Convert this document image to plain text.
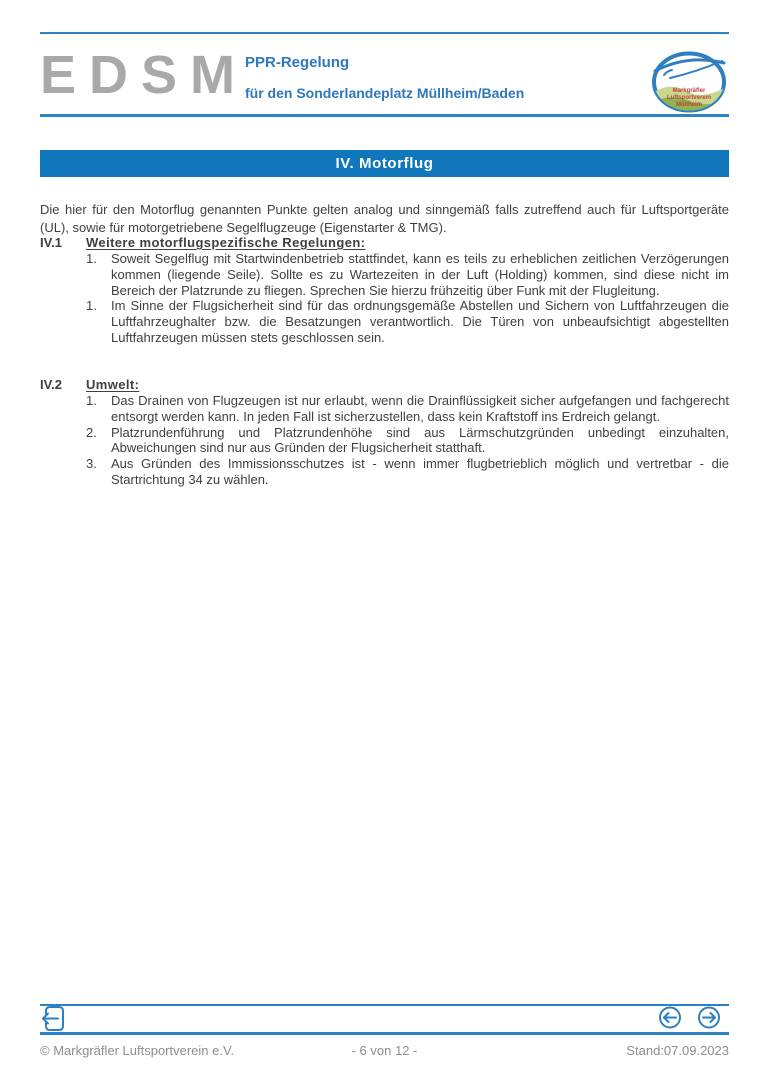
EDSM
PPR-Regelung
für den Sonderlandeplatz Müllheim/Baden	Markgräfler
Luftsportverein
Müllheim
IV. Motorflug

Die hier für den Motorflug genannten Punkte gelten analog und sinngemäß falls zutreffend auch für Luftsportgeräte (UL), sowie für motorgetriebene Segelflugzeuge (Eigenstarter & TMG).

IV.1	Weitere motorflugspezifische Regelungen:
1.	Soweit Segelflug mit Startwindenbetrieb stattfindet, kann es teils zu erheblichen zeitlichen Verzögerungen kommen (liegende Seile). Sollte es zu Wartezeiten in der Luft (Holding) kommen, sind diese nicht im Bereich der Platzrunde zu fliegen. Sprechen Sie hierzu frühzeitig über Funk mit der Flugleitung.
1.	Im Sinne der Flugsicherheit sind für das ordnungsgemäße Abstellen und Sichern von Luftfahrzeugen die Luftfahrzeughalter bzw. die Besatzungen verantwortlich. Die Türen von unbeaufsichtigt abgestellten Luftfahrzeugen müssen stets geschlossen sein.
IV.2	Umwelt:
1.	Das Drainen von Flugzeugen ist nur erlaubt, wenn die Drainflüssigkeit sicher aufgefangen und fachgerecht entsorgt werden kann. In jeden Fall ist sicherzustellen, dass kein Kraftstoff ins Erdreich gelangt.
2.	Platzrundenführung und Platzrundenhöhe sind aus Lärmschutzgründen unbedingt einzuhalten, Abweichungen sind nur aus Gründen der Flugsicherheit statthaft.
3.	Aus Gründen des Immissionsschutzes ist - wenn immer flugbetrieblich möglich und vertretbar - die Startrichtung 34 zu wählen.
© Markgräfler Luftsportverein e.V.	- 6 von 12 -	Stand:07.09.2023
